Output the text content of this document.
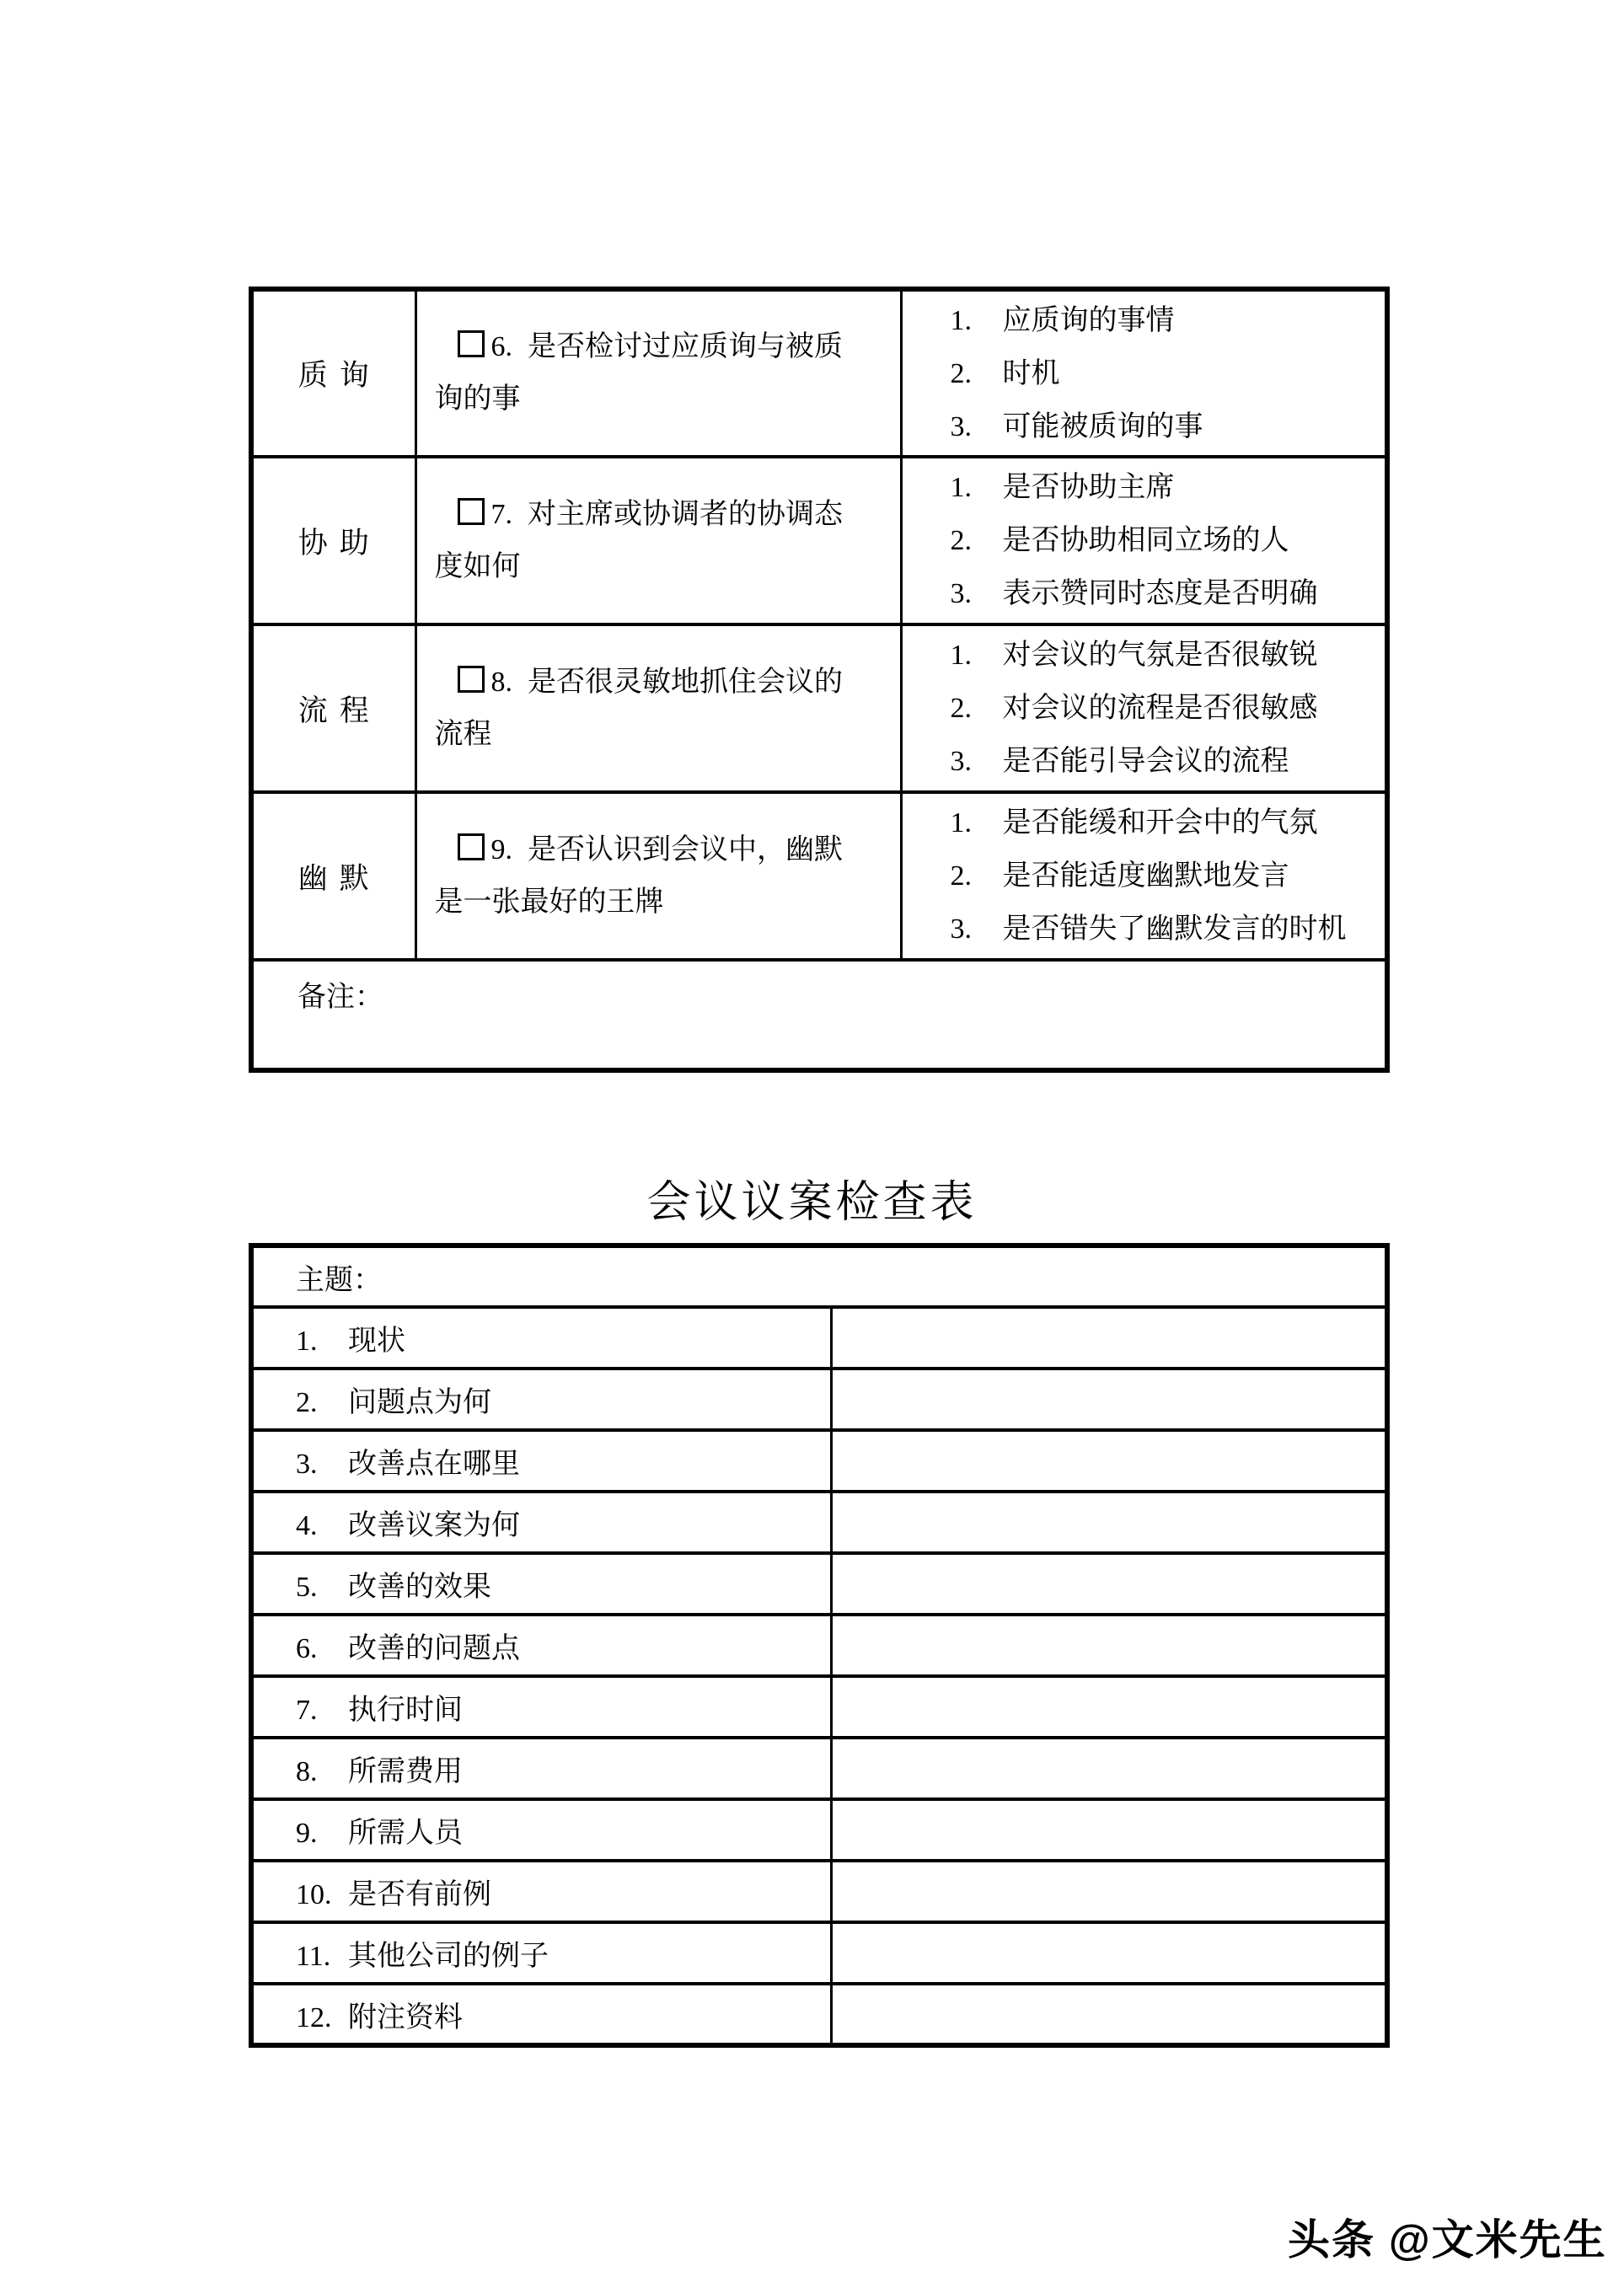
质询	6. 是否检讨过应质询与被质询的事	1. 应质询的事情
2. 时机
3. 可能被质询的事

协助	7. 对主席或协调者的协调态度如何	1. 是否协助主席
2. 是否协助相同立场的人
3. 表示赞同时态度是否明确

流程	8. 是否很灵敏地抓住会议的流程	1. 对会议的气氛是否很敏锐
2. 对会议的流程是否很敏感
3. 是否能引导会议的流程

幽默	9. 是否认识到会议中，幽默是一张最好的王牌	1. 是否能缓和开会中的气氛
2. 是否能适度幽默地发言
3. 是否错失了幽默发言的时机

备注：		
会议议案检查表
主题：	
1. 现状	
2. 问题点为何	
3. 改善点在哪里	
4. 改善议案为何	
5. 改善的效果	
6. 改善的问题点	
7. 执行时间	
8. 所需费用	
9. 所需人员	
10. 是否有前例	
11. 其他公司的例子	
12. 附注资料	
头条 @文米先生
